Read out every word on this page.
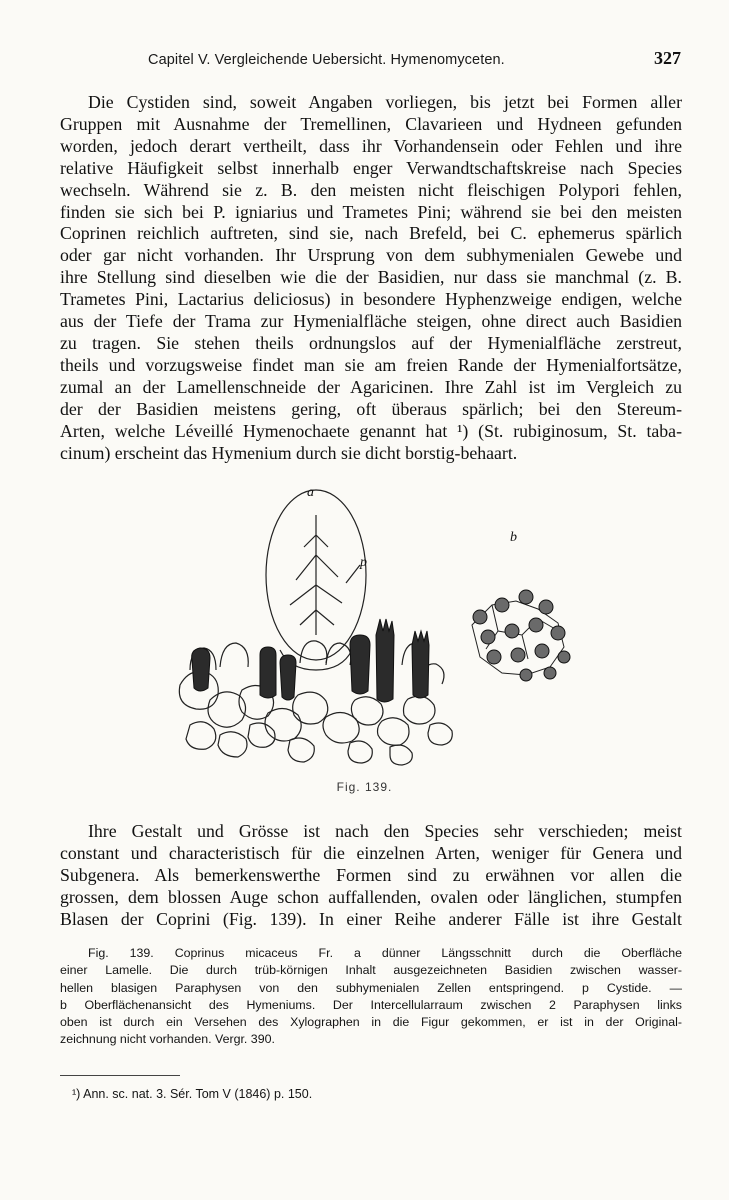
Capitel V. Vergleichende Uebersicht. Hymenomyceten.	327
Die Cystiden sind, soweit Angaben vorliegen, bis jetzt bei Formen aller
Gruppen mit Ausnahme der Tremellinen, Clavarieen und Hydneen gefunden
worden, jedoch derart vertheilt, dass ihr Vorhandensein oder Fehlen und ihre
relative Häufigkeit selbst innerhalb enger Verwandtschaftskreise nach Species
wechseln. Während sie z. B. den meisten nicht fleischigen Polypori fehlen,
finden sie sich bei P. igniarius und Trametes Pini; während sie bei den meisten
Coprinen reichlich auftreten, sind sie, nach Brefeld, bei C. ephemerus spärlich
oder gar nicht vorhanden. Ihr Ursprung von dem subhymenialen Gewebe und
ihre Stellung sind dieselben wie die der Basidien, nur dass sie manchmal (z. B.
Trametes Pini, Lactarius deliciosus) in besondere Hyphenzweige endigen, welche
aus der Tiefe der Trama zur Hymenialfläche steigen, ohne direct auch Basidien
zu tragen. Sie stehen theils ordnungslos auf der Hymenialfläche zerstreut,
theils und vorzugsweise findet man sie am freien Rande der Hymenialfortsätze,
zumal an der Lamellenschneide der Agaricinen. Ihre Zahl ist im Vergleich zu
der der Basidien meistens gering, oft überaus spärlich; bei den Stereum-
Arten, welche Léveillé Hymenochaete genannt hat ¹) (St. rubiginosum, St. taba-
cinum) erscheint das Hymenium durch sie dicht borstig-behaart.
a
p
b
Fig. 139.
Ihre Gestalt und Grösse ist nach den Species sehr verschieden; meist
constant und characteristisch für die einzelnen Arten, weniger für Genera und
Subgenera. Als bemerkenswerthe Formen sind zu erwähnen vor allen die
grossen, dem blossen Auge schon auffallenden, ovalen oder länglichen, stumpfen
Blasen der Coprini (Fig. 139). In einer Reihe anderer Fälle ist ihre Gestalt
Fig. 139. Coprinus micaceus Fr. a dünner Längsschnitt durch die Oberfläche
einer Lamelle. Die durch trüb-körnigen Inhalt ausgezeichneten Basidien zwischen wasser-
hellen blasigen Paraphysen von den subhymenialen Zellen entspringend. p Cystide. —
b Oberflächenansicht des Hymeniums. Der Intercellularraum zwischen 2 Paraphysen links
oben ist durch ein Versehen des Xylographen in die Figur gekommen, er ist in der Original-
zeichnung nicht vorhanden. Vergr. 390.
¹) Ann. sc. nat. 3. Sér. Tom V (1846) p. 150.
